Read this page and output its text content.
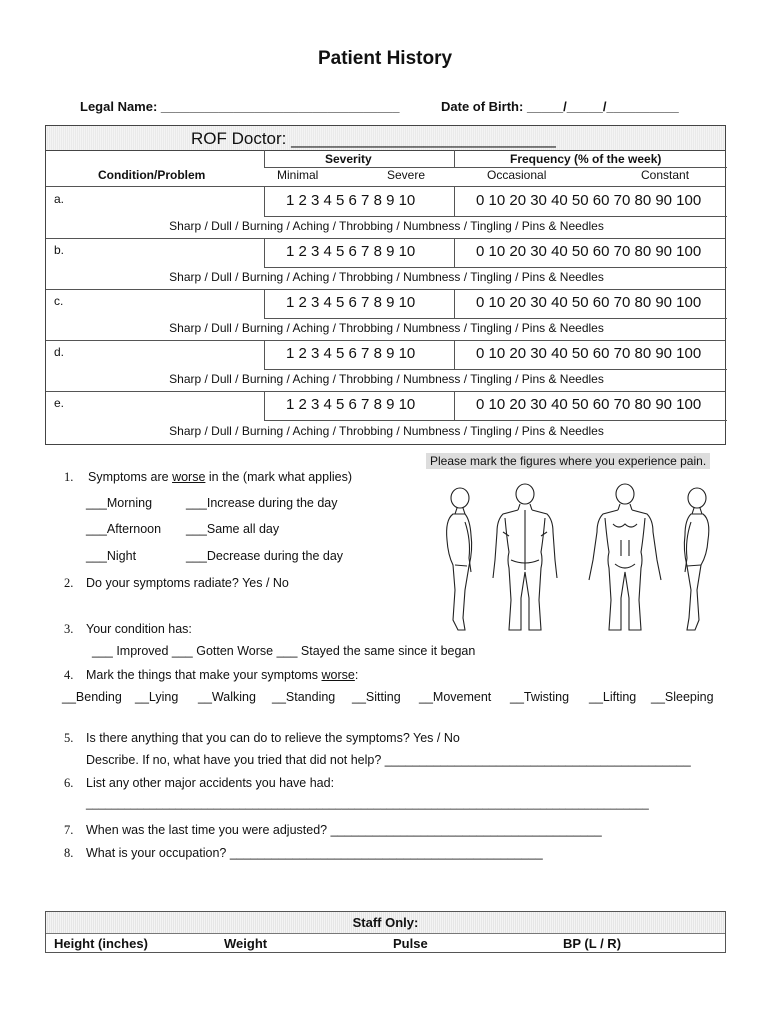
Patient History
Legal Name: _________________________________	Date of Birth: _____/_____/__________
ROF Doctor: ____________________________
Condition/Problem
Severity
Minimal	Severe
Frequency (% of the week)
Occasional	Constant
a.	1 2 3 4 5 6 7 8 9 10	0 10 20 30 40 50 60 70 80 90 100
Sharp / Dull / Burning / Aching / Throbbing / Numbness / Tingling / Pins & Needles
b.	1 2 3 4 5 6 7 8 9 10	0 10 20 30 40 50 60 70 80 90 100
Sharp / Dull / Burning / Aching / Throbbing / Numbness / Tingling / Pins & Needles
c.	1 2 3 4 5 6 7 8 9 10	0 10 20 30 40 50 60 70 80 90 100
Sharp / Dull / Burning / Aching / Throbbing / Numbness / Tingling / Pins & Needles
d.	1 2 3 4 5 6 7 8 9 10	0 10 20 30 40 50 60 70 80 90 100
Sharp / Dull / Burning / Aching / Throbbing / Numbness / Tingling / Pins & Needles
e.	1 2 3 4 5 6 7 8 9 10	0 10 20 30 40 50 60 70 80 90 100
Sharp / Dull / Burning / Aching / Throbbing / Numbness / Tingling / Pins & Needles
Please mark the figures where you experience pain.
1. Symptoms are worse in the (mark what applies)
___Morning	___Increase during the day
___Afternoon ___Same all day
___Night	___Decrease during the day
2. Do your symptoms radiate? Yes / No
3. Your condition has:
___ Improved ___ Gotten Worse ___ Stayed the same since it began
4. Mark the things that make your symptoms worse:
__Bending __Lying __Walking __Standing __Sitting __Movement __Twisting __Lifting __Sleeping
5. Is there anything that you can do to relieve the symptoms? Yes / No
Describe. If no, what have you tried that did not help? ____________________________________________
6. List any other major accidents you have had:
________________________________________________________________________________________
7. When was the last time you were adjusted? _______________________________________
8. What is your occupation? _____________________________________________
Staff Only:
Height (inches)	Weight	Pulse	BP (L / R)
